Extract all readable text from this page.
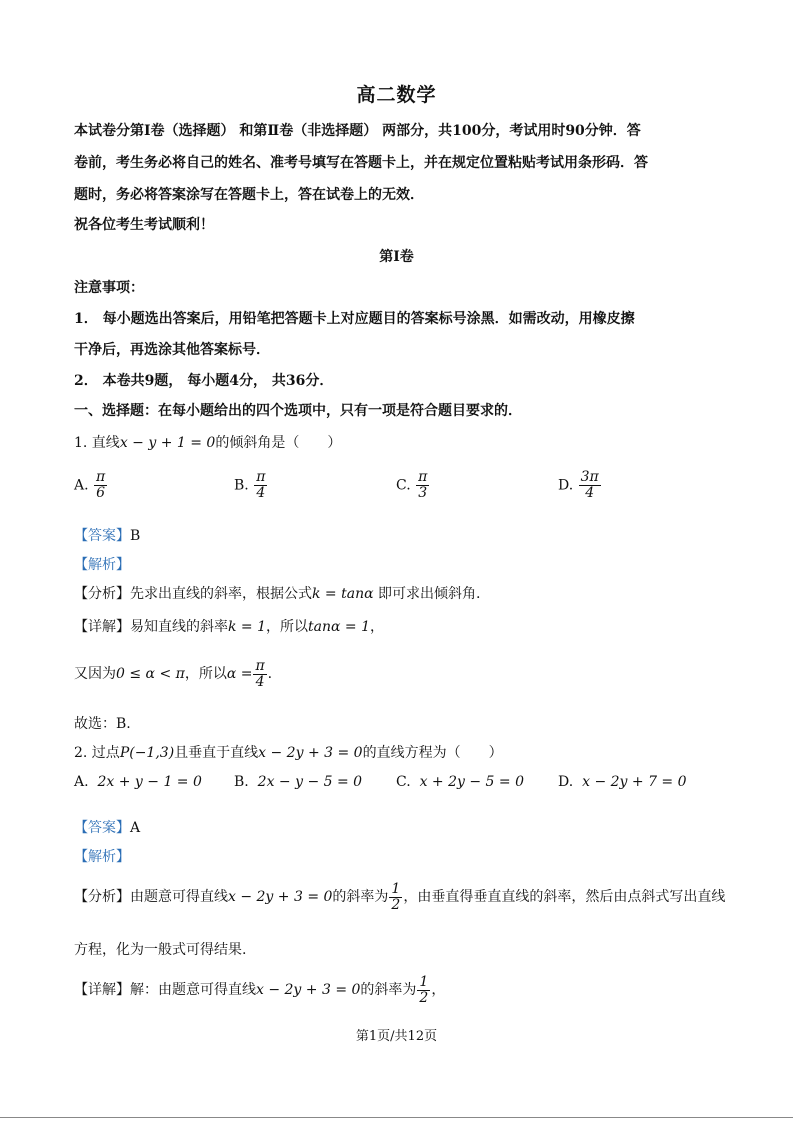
高二数学
本试卷分第Ⅰ卷（选择题） 和第Ⅱ卷（非选择题） 两部分，共100分，考试用时90分钟．答
卷前，考生务必将自己的姓名、准考号填写在答题卡上，并在规定位置粘贴考试用条形码．答
题时，务必将答案涂写在答题卡上，答在试卷上的无效．
祝各位考生考试顺利！
第Ⅰ卷
注意事项：
1． 每小题选出答案后，用铅笔把答题卡上对应题目的答案标号涂黑．如需改动，用橡皮擦
干净后，再选涂其他答案标号．
2． 本卷共9题， 每小题4分， 共36分．
一、选择题：在每小题给出的四个选项中，只有一项是符合题目要求的．
1. 直线x − y + 1 = 0的倾斜角是（　　）
A. $\frac{\pi}{6}$	B. $\frac{\pi}{4}$	C. $\frac{\pi}{3}$	D. $\frac{3\pi}{4}$
【答案】B
【解析】
【分析】先求出直线的斜率，根据公式k = tanα 即可求出倾斜角.
【详解】易知直线的斜率k = 1，所以tanα = 1，
又因为0 ≤ α < π，所以$\alpha = \frac{\pi}{4}$ .
故选：B.
2. 过点P(−1,3)且垂直于直线x − 2y + 3 = 0的直线方程为（　　）
A. 2x + y − 1 = 0 B. 2x − y − 5 = 0 C. x + 2y − 5 = 0 D. x − 2y + 7 = 0
【答案】A
【解析】
【分析】由题意可得直线x − 2y + 3 = 0的斜率为 $\frac{1}{2}$ ，由垂直得垂直直线的斜率，然后由点斜式写出直线
方程，化为一般式可得结果.
【详解】解：由题意可得直线x − 2y + 3 = 0的斜率为 $\frac{1}{2}$ ，
第1页/共12页
